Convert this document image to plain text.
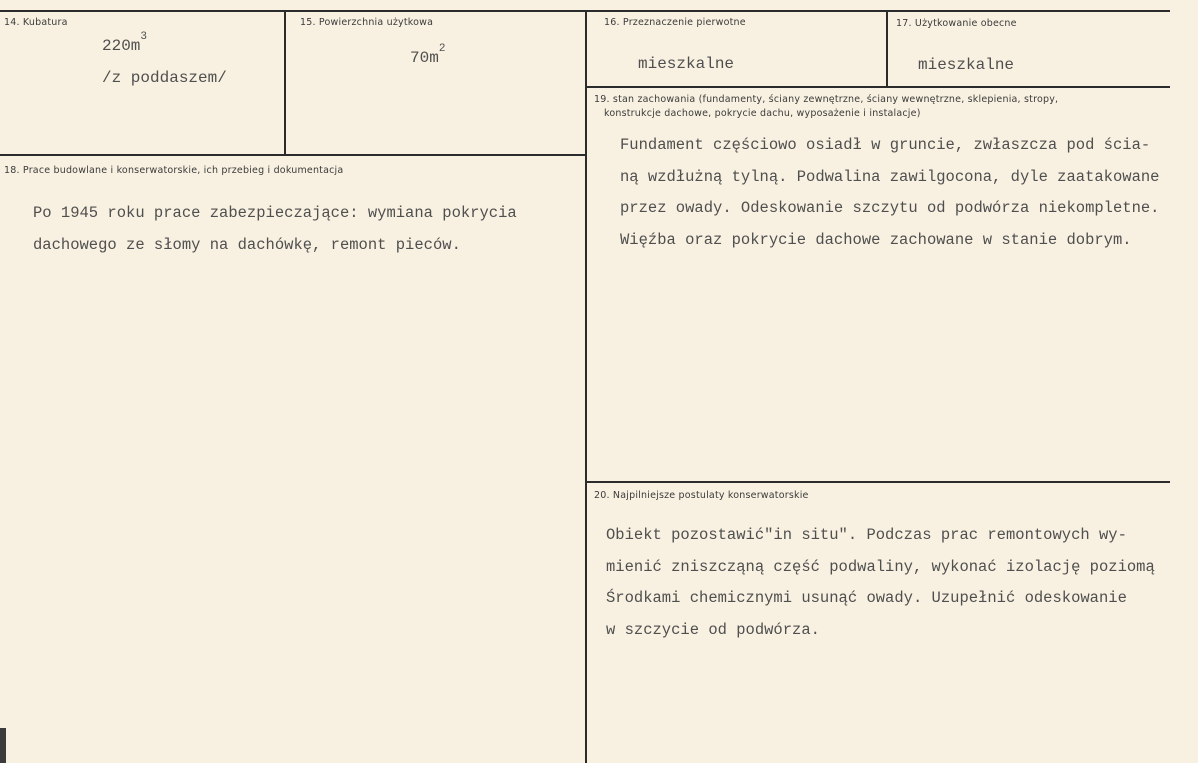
14. Kubatura
$220m^3$
/z poddaszem/
15. Powierzchnia użytkowa
$70m^2$
16. Przeznaczenie pierwotne
mieszkalne
17. Użytkowanie obecne
mieszkalne
18. Prace budowlane i konserwatorskie, ich przebieg i dokumentacja
Po 1945 roku prace zabezpieczające: wymiana pokrycia
dachowego ze słomy na dachówkę, remont pieców.
19. stan zachowania (fundamenty, ściany zewnętrzne, ściany wewnętrzne, sklepienia, stropy,
konstrukcje dachowe, pokrycie dachu, wyposażenie i instalacje)
Fundament częściowo osiadł w gruncie, zwłaszcza pod ścia-
ną wzdłużną tylną. Podwalina zawilgocona, dyle zaatakowane
przez owady. Odeskowanie szczytu od podwórza niekompletne.
Więźba oraz pokrycie dachowe zachowane w stanie dobrym.
20. Najpilniejsze postulaty konserwatorskie
Obiekt pozostawić"in situ". Podczas prac remontowych wy-
mienić zniszcząną część podwaliny, wykonać izolację poziomą
Środkami chemicznymi usunąć owady. Uzupełnić odeskowanie
w szczycie od podwórza.
